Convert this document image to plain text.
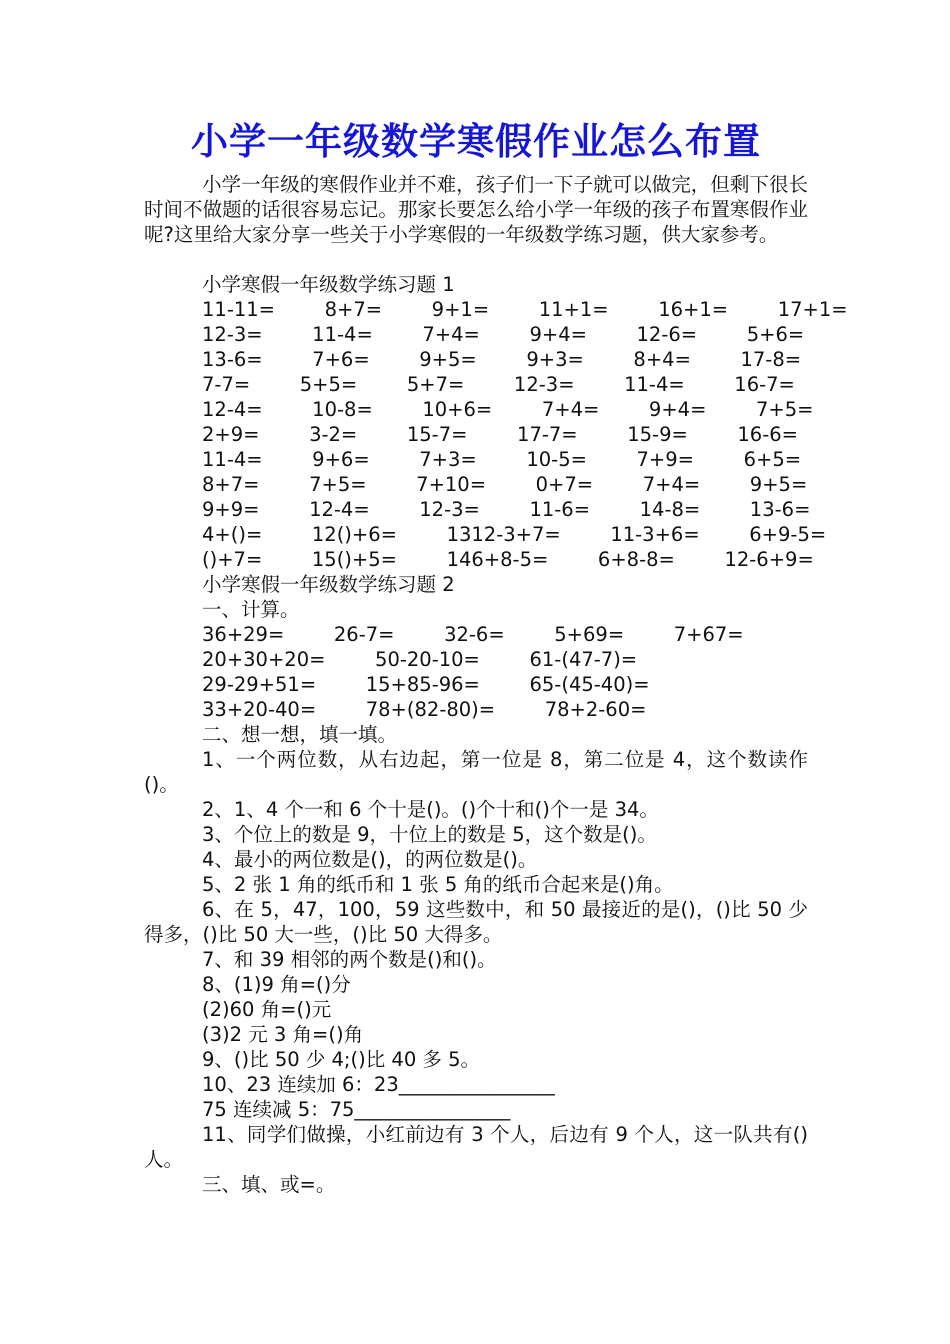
小学一年级数学寒假作业怎么布置

小学一年级的寒假作业并不难，孩子们一下子就可以做完，但剩下很长时间不做题的话很容易忘记。那家长要怎么给小学一年级的孩子布置寒假作业呢?这里给大家分享一些关于小学寒假的一年级数学练习题，供大家参考。

小学寒假一年级数学练习题 1
11-11=        8+7=        9+1=        11+1=        16+1=        17+1=
12-3=        11-4=        7+4=        9+4=        12-6=        5+6=
13-6=        7+6=        9+5=        9+3=        8+4=        17-8=
7-7=        5+5=        5+7=        12-3=        11-4=        16-7=
12-4=        10-8=        10+6=        7+4=        9+4=        7+5=
2+9=        3-2=        15-7=        17-7=        15-9=        16-6=
11-4=        9+6=        7+3=        10-5=        7+9=        6+5=
8+7=        7+5=        7+10=        0+7=        7+4=        9+5=
9+9=        12-4=        12-3=        11-6=        14-8=        13-6=
4+()=        12()+6=        1312-3+7=        11-3+6=        6+9-5=
()+7=        15()+5=        146+8-5=        6+8-8=        12-6+9=
小学寒假一年级数学练习题 2
一、计算。
36+29=        26-7=        32-6=        5+69=        7+67=
20+30+20=        50-20-10=        61-(47-7)=
29-29+51=        15+85-96=        65-(45-40)=
33+20-40=        78+(82-80)=        78+2-60=
二、想一想，填一填。

1、一个两位数，从右边起，第一位是 8，第二位是 4，这个数读作()。

2、1、4 个一和 6 个十是()。()个十和()个一是 34。
3、个位上的数是 9，十位上的数是 5，这个数是()。
4、最小的两位数是()，的两位数是()。
5、2 张 1 角的纸币和 1 张 5 角的纸币合起来是()角。

6、在 5，47，100，59 这些数中，和 50 最接近的是()，()比 50 少得多，()比 50 大一些，()比 50 大得多。

7、和 39 相邻的两个数是()和()。
8、(1)9 角=()分
(2)60 角=()元
(3)2 元 3 角=()角
9、()比 50 少 4;()比 40 多 5。
10、23 连续加 6：23________________
75 连续减 5：75________________

11、同学们做操，小红前边有 3 个人，后边有 9 个人，这一队共有()人。

三、填、或=。
